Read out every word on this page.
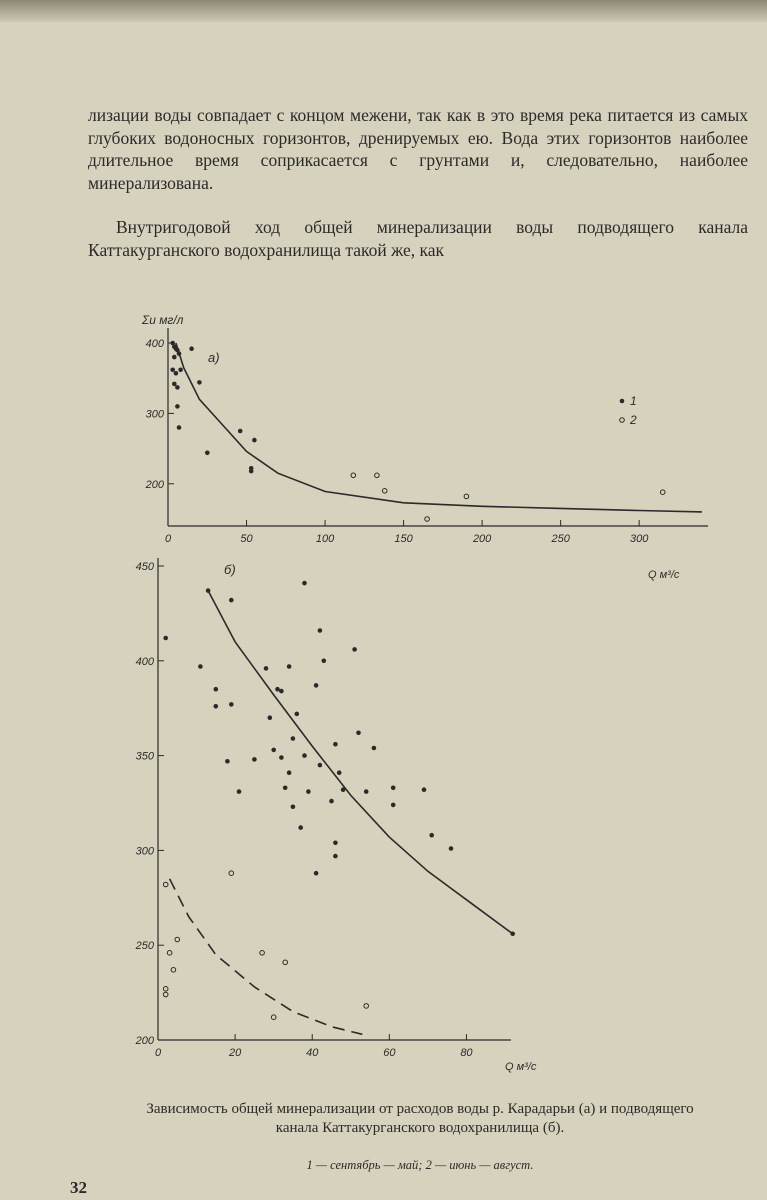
лизации воды совпадает с концом межени, так как в это время река питается из самых глубоких водоносных горизонтов, дренируемых ею. Вода этих горизонтов наиболее длительное время соприкасается с грунтами и, следовательно, наиболее минерализована.

Внутригодовой ход общей минерализации воды подводящего канала Каттакурганского водохранилища такой же, как

0	50	100	150	200	250	300
200
300
400
0	20	40	60	80
200
250
300
350
400
450
Σи мг/л
а)
б)	Q м³/с
Q м³/с
1
2

Зависимость общей минерализации от расходов воды р. Карадарьи (а) и подводящего канала Каттакурганского водохранилища (б).

1 — сентябрь — май; 2 — июнь — август.
32
